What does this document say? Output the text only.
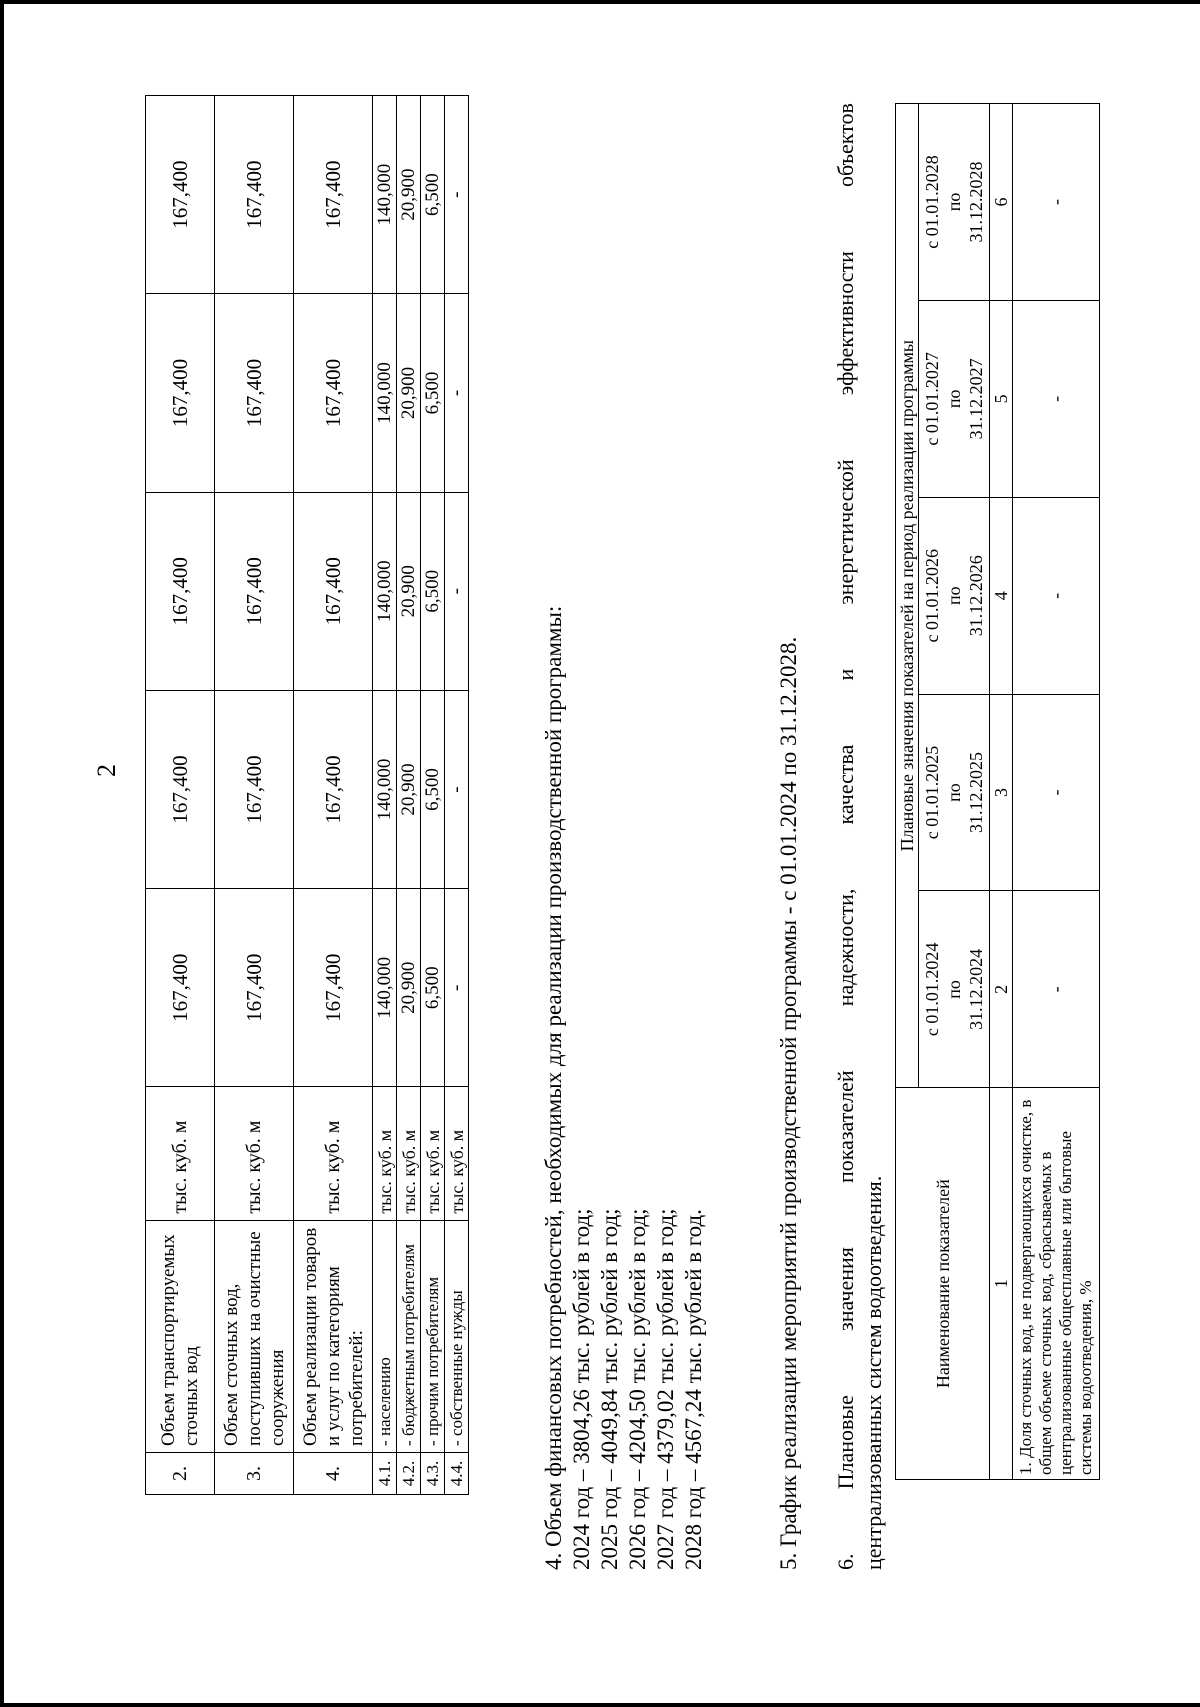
2
2.	Объем транспортируемых сточных вод	тыс. куб. м	167,400	167,400	167,400	167,400	167,400
3.	Объем сточных вод, поступивших на очистные сооружения	тыс. куб. м	167,400	167,400	167,400	167,400	167,400
4.	Объем реализации товаров и услуг по категориям потребителей:	тыс. куб. м	167,400	167,400	167,400	167,400	167,400
4.1.	- населению	тыс. куб. м	140,000	140,000	140,000	140,000	140,000
4.2.	- бюджетным потребителям	тыс. куб. м	20,900	20,900	20,900	20,900	20,900
4.3.	- прочим потребителям	тыс. куб. м	6,500	6,500	6,500	6,500	6,500
4.4.	- собственные нужды	тыс. куб. м	-	-	-	-	-
4. Объем финансовых потребностей, необходимых для реализации производственной программы: 2024 год – 3804,26 тыс. рублей в год; 2025 год – 4049,84 тыс. рублей в год; 2026 год – 4204,50 тыс. рублей в год; 2027 год – 4379,02 тыс. рублей в год; 2028 год – 4567,24 тыс. рублей в год.	5. График реализации мероприятий производственной программы - с 01.01.2024 по 31.12.2028. 6.
Плановые
значения
показателей
надежности,
качества
и
энергетической
эффективности
объектов
централизованных систем водоотведения.	Наименование показателей	Плановые значения показателей на период реализации программы				
	с 01.01.2024 по 31.12.2024	с 01.01.2025 по 31.12.2025	с 01.01.2026 по 31.12.2026	с 01.01.2027 по 31.12.2027	с 01.01.2028 по 31.12.2028
1	2	3	4	5	6
1. Доля сточных вод, не подвергающихся очистке, в общем объеме сточных вод, сбрасываемых в централизованные общесплавные или бытовые системы водоотведения, %	-	-	-	-	-
